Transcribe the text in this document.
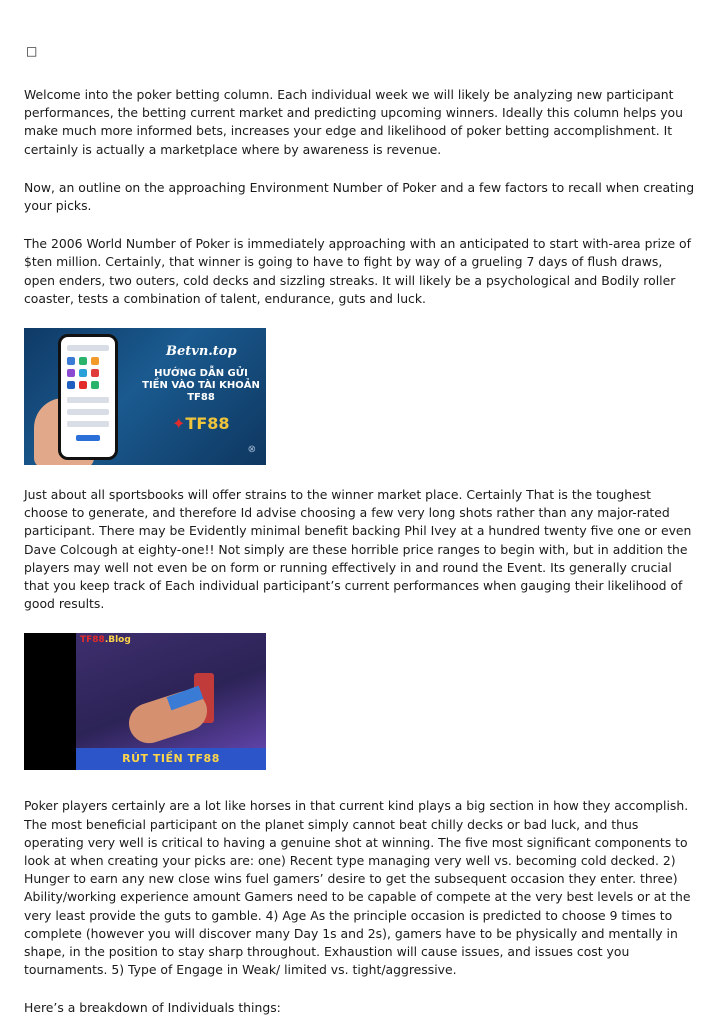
□

Welcome into the poker betting column. Each individual week we will likely be analyzing new participant performances, the betting current market and predicting upcoming winners. Ideally this column helps you make much more informed bets, increases your edge and likelihood of poker betting accomplishment. It certainly is actually a marketplace where by awareness is revenue.

Now, an outline on the approaching Environment Number of Poker and a few factors to recall when creating your picks.

The 2006 World Number of Poker is immediately approaching with an anticipated to start with-area prize of $ten million. Certainly, that winner is going to have to fight by way of a grueling 7 days of flush draws, open enders, two outers, cold decks and sizzling streaks. It will likely be a psychological and Bodily roller coaster, tests a combination of talent, endurance, guts and luck.

Betvn.top
HƯỚNG DẪN GỬI TIỀN VÀO TÀI KHOẢN TF88
✦TF88
⊗

Just about all sportsbooks will offer strains to the winner market place. Certainly That is the toughest choose to generate, and therefore Id advise choosing a few very long shots rather than any major-rated participant. There may be Evidently minimal benefit backing Phil Ivey at a hundred twenty five one or even Dave Colcough at eighty-one!! Not simply are these horrible price ranges to begin with, but in addition the players may well not even be on form or running effectively in and round the Event. Its generally crucial that you keep track of Each individual participant’s current performances when gauging their likelihood of good results.

TF88.Blog
RÚT TIỀN TF88

Poker players certainly are a lot like horses in that current kind plays a big section in how they accomplish. The most beneficial participant on the planet simply cannot beat chilly decks or bad luck, and thus operating very well is critical to having a genuine shot at winning. The five most significant components to look at when creating your picks are: one) Recent type managing very well vs. becoming cold decked. 2) Hunger to earn any new close wins fuel gamers’ desire to get the subsequent occasion they enter. three) Ability/working experience amount Gamers need to be capable of compete at the very best levels or at the very least provide the guts to gamble. 4) Age As the principle occasion is predicted to choose 9 times to complete (however you will discover many Day 1s and 2s), gamers have to be physically and mentally in shape, in the position to stay sharp throughout. Exhaustion will cause issues, and issues cost you tournaments. 5) Type of Engage in Weak/ limited vs. tight/aggressive.

Here’s a breakdown of Individuals things:
